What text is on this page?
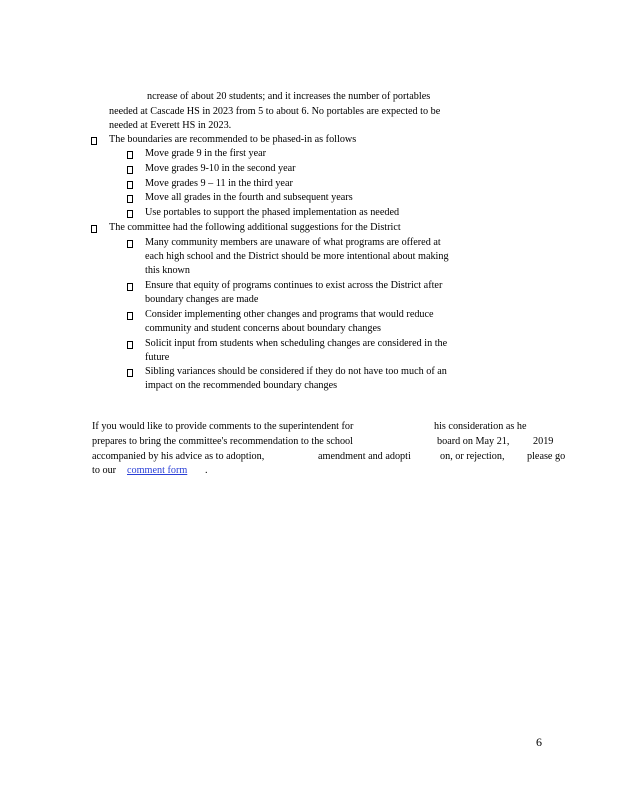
ncrease of about 20 students; and it increases the number of portables
needed at Cascade HS in 2023 from 5 to about 6. No portables are expected to be
needed at Everett HS in 2023.
The boundaries are recommended to be phased-in as follows
Move grade 9 in the first year
Move grades 9-10 in the second year
Move grades 9 – 11 in the third year
Move all grades in the fourth and subsequent years
Use portables to support the phased implementation as needed
The committee had the following additional suggestions for the District
Many community members are unaware of what programs are offered at
each high school and the District should be more intentional about making
this known
Ensure that equity of programs continues to exist across the District after
boundary changes are made
Consider implementing other changes and programs that would reduce
community and student concerns about boundary changes
Solicit input from students when scheduling changes are considered in the
future
Sibling variances should be considered if they do not have too much of an
impact on the recommended boundary changes
If you would like to provide comments to the superintendent for	his consideration as he
prepares to bring the committee's recommendation to the school	board on May 21, 2019
accompanied by his advice as to adoption,	amendment and adopti	on, or rejection, please go
to our comment form	.
6
